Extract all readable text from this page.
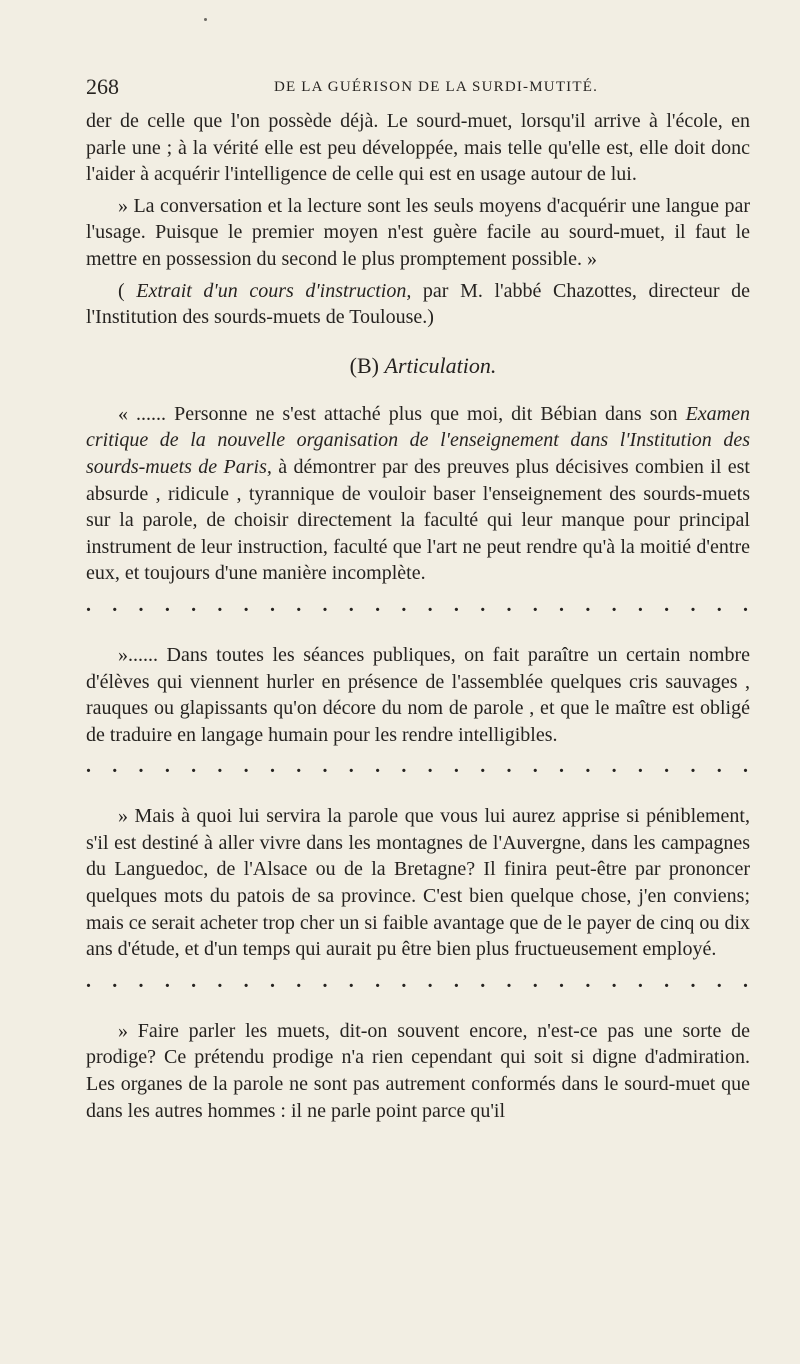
268	DE LA GUÉRISON DE LA SURDI-MUTITÉ.

der de celle que l'on possède déjà. Le sourd-muet, lorsqu'il arrive à l'école, en parle une ; à la vérité elle est peu développée, mais telle qu'elle est, elle doit donc l'aider à acquérir l'intelligence de celle qui est en usage autour de lui.

» La conversation et la lecture sont les seuls moyens d'acquérir une langue par l'usage. Puisque le premier moyen n'est guère facile au sourd-muet, il faut le mettre en possession du second le plus promptement possible. »

( Extrait d'un cours d'instruction, par M. l'abbé Chazottes, directeur de l'Institution des sourds-muets de Toulouse.)

(B) Articulation.

« ...... Personne ne s'est attaché plus que moi, dit Bébian dans son Examen critique de la nouvelle organisation de l'enseignement dans l'Institution des sourds-muets de Paris, à démontrer par des preuves plus décisives combien il est absurde , ridicule , tyrannique de vouloir baser l'enseignement des sourds-muets sur la parole, de choisir directement la faculté qui leur manque pour principal instrument de leur instruction, faculté que l'art ne peut rendre qu'à la moitié d'entre eux, et toujours d'une manière incomplète.

. . . . . . . . . . . . . . . . . . . . . . . . . .

»...... Dans toutes les séances publiques, on fait paraître un certain nombre d'élèves qui viennent hurler en présence de l'assemblée quelques cris sauvages , rauques ou glapissants qu'on décore du nom de parole , et que le maître est obligé de traduire en langage humain pour les rendre intelligibles.

. . . . . . . . . . . . . . . . . . . . . . . . . .

» Mais à quoi lui servira la parole que vous lui aurez apprise si péniblement, s'il est destiné à aller vivre dans les montagnes de l'Auvergne, dans les campagnes du Languedoc, de l'Alsace ou de la Bretagne? Il finira peut-être par prononcer quelques mots du patois de sa province. C'est bien quelque chose, j'en conviens; mais ce serait acheter trop cher un si faible avantage que de le payer de cinq ou dix ans d'étude, et d'un temps qui aurait pu être bien plus fructueusement employé.

. . . . . . . . . . . . . . . . . . . . . . . . . .

» Faire parler les muets, dit-on souvent encore, n'est-ce pas une sorte de prodige? Ce prétendu prodige n'a rien cependant qui soit si digne d'admiration. Les organes de la parole ne sont pas autrement conformés dans le sourd-muet que dans les autres hommes : il ne parle point parce qu'il
